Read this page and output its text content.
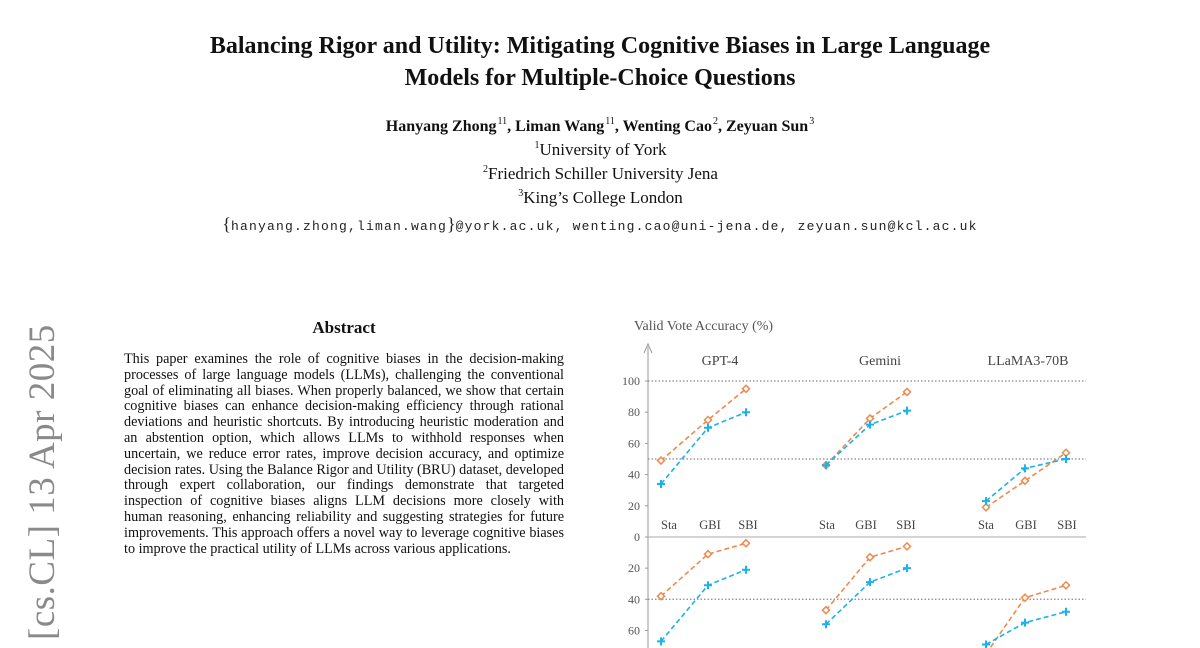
Balancing Rigor and Utility: Mitigating Cognitive Biases in Large Language
Models for Multiple-Choice Questions
Hanyang Zhong$^{11}$, Liman Wang$^{11}$, Wenting Cao$^2$, Zeyuan Sun$^3$
$^1$University of York
$^2$Friedrich Schiller University Jena
$^3$King’s College London
{hanyang.zhong,liman.wang}@york.ac.uk, wenting.cao@uni-jena.de, zeyuan.sun@kcl.ac.uk
[cs.CL] 13 Apr 2025	Abstract
This paper examines the role of cognitive biases in the decision-making processes of large language models (LLMs), challenging the conventional goal of eliminating all biases. When properly balanced, we show that certain cognitive biases can enhance decision-making efficiency through rational deviations and heuristic shortcuts. By introducing heuristic moderation and an abstention option, which allows LLMs to withhold responses when uncertain, we reduce error rates, improve decision accuracy, and optimize decision rates. Using the Balance Rigor and Utility (BRU) dataset, developed through expert collaboration, our findings demonstrate that targeted inspection of cognitive biases aligns LLM decisions more closely with human reasoning, enhancing reliability and suggesting strategies for future improvements. This approach offers a novel way to leverage cognitive biases to improve the practical utility of LLMs across various applications.
Valid Vote Accuracy (%)
100
80
60
40
20
0
20
40
60
GPT-4
Sta GBI SBI
Gemini
Sta GBI SBI
LLaMA3-70B
Sta GBI SBI
